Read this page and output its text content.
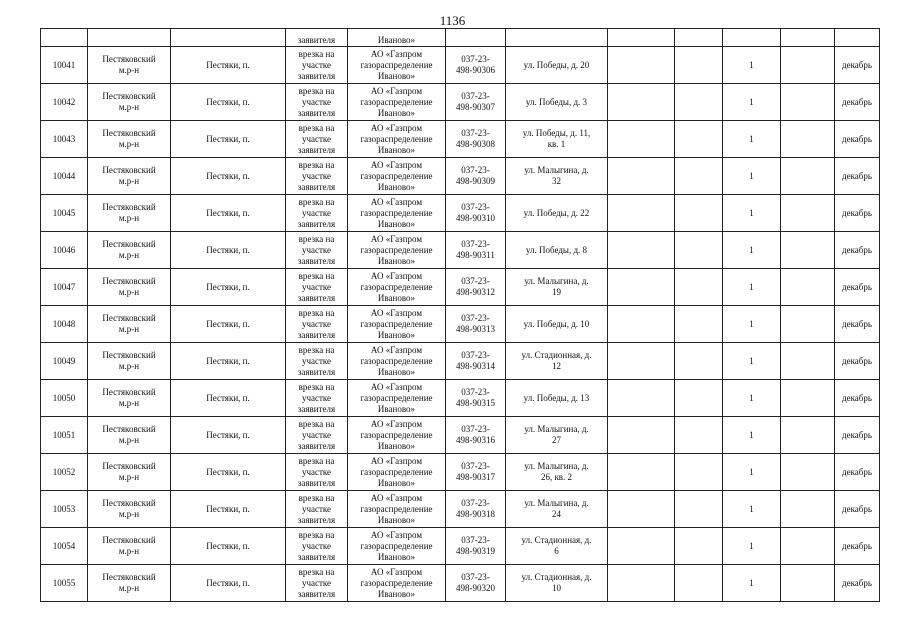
1136
			заявителя	Иваново»								
10041	Пестяковский
м.р-н	Пестяки, п.	врезка на
участке
заявителя	АО «Газпром
газораспределение
Иваново»	037-23-
498-90306	ул. Победы, д. 20			1		декабрь	
10042	Пестяковский
м.р-н	Пестяки, п.	врезка на
участке
заявителя	АО «Газпром
газораспределение
Иваново»	037-23-
498-90307	ул. Победы, д. 3			1		декабрь	
10043	Пестяковский
м.р-н	Пестяки, п.	врезка на
участке
заявителя	АО «Газпром
газораспределение
Иваново»	037-23-
498-90308	ул. Победы, д. 11,
кв. 1			1		декабрь	
10044	Пестяковский
м.р-н	Пестяки, п.	врезка на
участке
заявителя	АО «Газпром
газораспределение
Иваново»	037-23-
498-90309	ул. Малыгина, д.
32			1		декабрь	
10045	Пестяковский
м.р-н	Пестяки, п.	врезка на
участке
заявителя	АО «Газпром
газораспределение
Иваново»	037-23-
498-90310	ул. Победы, д. 22			1		декабрь	
10046	Пестяковский
м.р-н	Пестяки, п.	врезка на
участке
заявителя	АО «Газпром
газораспределение
Иваново»	037-23-
498-90311	ул. Победы, д. 8			1		декабрь	
10047	Пестяковский
м.р-н	Пестяки, п.	врезка на
участке
заявителя	АО «Газпром
газораспределение
Иваново»	037-23-
498-90312	ул. Малыгина, д.
19			1		декабрь	
10048	Пестяковский
м.р-н	Пестяки, п.	врезка на
участке
заявителя	АО «Газпром
газораспределение
Иваново»	037-23-
498-90313	ул. Победы, д. 10			1		декабрь	
10049	Пестяковский
м.р-н	Пестяки, п.	врезка на
участке
заявителя	АО «Газпром
газораспределение
Иваново»	037-23-
498-90314	ул. Стадионная, д.
12			1		декабрь	
10050	Пестяковский
м.р-н	Пестяки, п.	врезка на
участке
заявителя	АО «Газпром
газораспределение
Иваново»	037-23-
498-90315	ул. Победы, д. 13			1		декабрь	
10051	Пестяковский
м.р-н	Пестяки, п.	врезка на
участке
заявителя	АО «Газпром
газораспределение
Иваново»	037-23-
498-90316	ул. Малыгина, д.
27			1		декабрь	
10052	Пестяковский
м.р-н	Пестяки, п.	врезка на
участке
заявителя	АО «Газпром
газораспределение
Иваново»	037-23-
498-90317	ул. Малыгина, д.
26, кв. 2			1		декабрь	
10053	Пестяковский
м.р-н	Пестяки, п.	врезка на
участке
заявителя	АО «Газпром
газораспределение
Иваново»	037-23-
498-90318	ул. Малыгина, д.
24			1		декабрь	
10054	Пестяковский
м.р-н	Пестяки, п.	врезка на
участке
заявителя	АО «Газпром
газораспределение
Иваново»	037-23-
498-90319	ул. Стадионная, д.
6			1		декабрь	
10055	Пестяковский
м.р-н	Пестяки, п.	врезка на
участке
заявителя	АО «Газпром
газораспределение
Иваново»	037-23-
498-90320	ул. Стадионная, д.
10			1		декабрь	
